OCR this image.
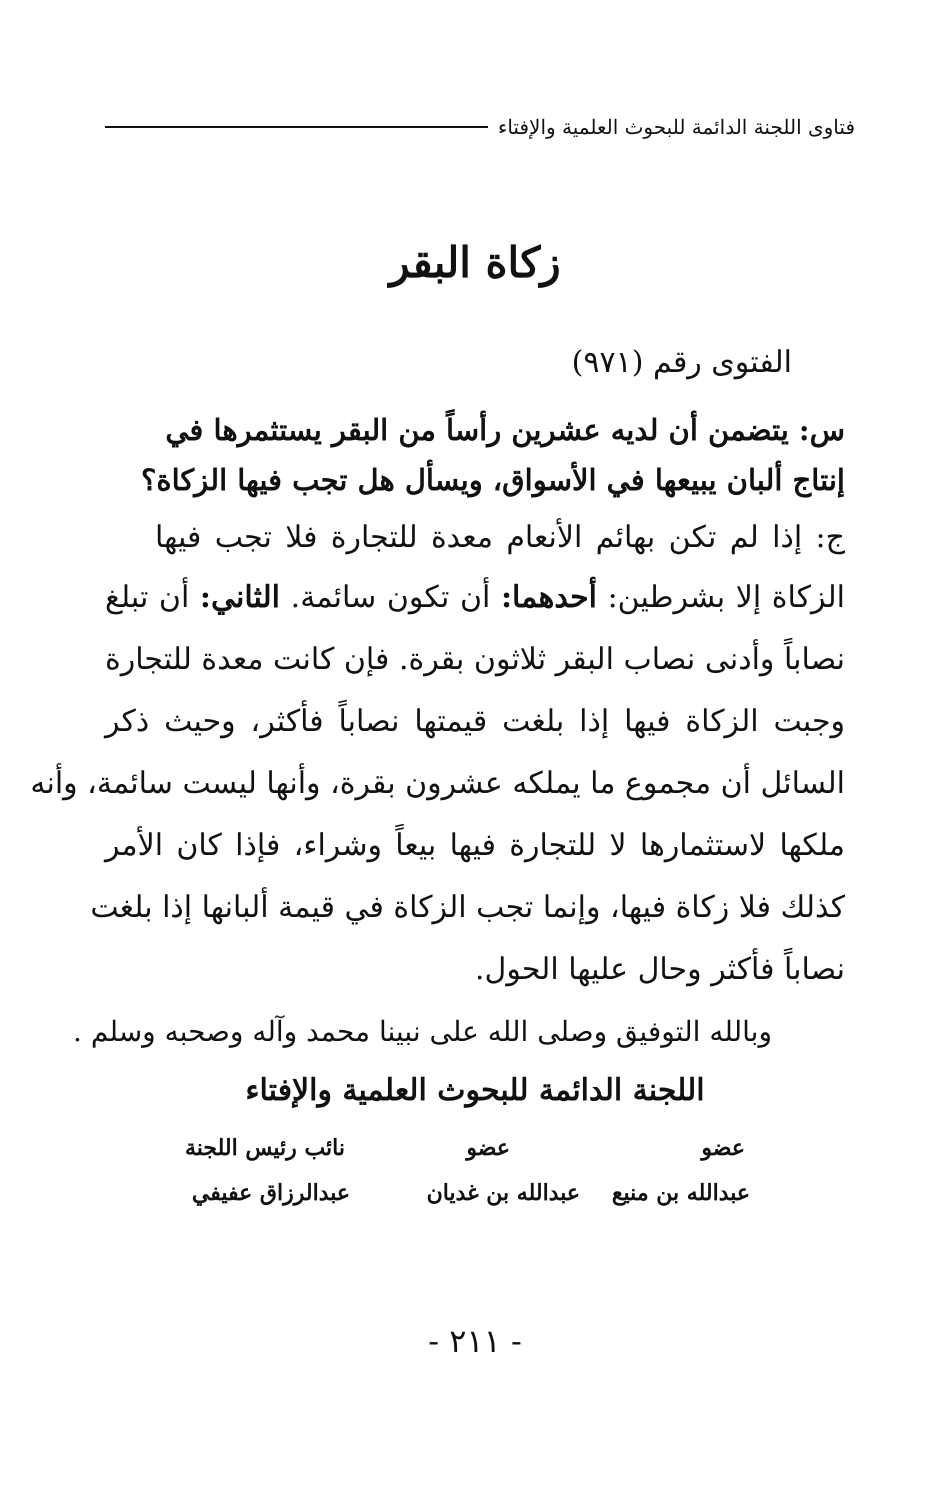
فتاوى اللجنة الدائمة للبحوث العلمية والإفتاء
زكاة البقر
الفتوى رقم (٩٧١)
س: يتضمن أن لديه عشرين رأساً من البقر يستثمرها في
إنتاج ألبان يبيعها في الأسواق، ويسأل هل تجب فيها الزكاة؟
ج: إذا لم تكن بهائم الأنعام معدة للتجارة فلا تجب فيها
الزكاة إلا بشرطين: أحدهما: أن تكون سائمة. الثاني: أن تبلغ
نصاباً وأدنى نصاب البقر ثلاثون بقرة. فإن كانت معدة للتجارة
وجبت الزكاة فيها إذا بلغت قيمتها نصاباً فأكثر، وحيث ذكر
السائل أن مجموع ما يملكه عشرون بقرة، وأنها ليست سائمة، وأنه
ملكها لاستثمارها لا للتجارة فيها بيعاً وشراء، فإذا كان الأمر
كذلك فلا زكاة فيها، وإنما تجب الزكاة في قيمة ألبانها إذا بلغت
نصاباً فأكثر وحال عليها الحول.
وبالله التوفيق وصلى الله على نبينا محمد وآله وصحبه وسلم .
اللجنة الدائمة للبحوث العلمية والإفتاء
عضو
عبدالله بن منيع
عضو
عبدالله بن غديان
نائب رئيس اللجنة
عبدالرزاق عفيفي
- ٢١١ -
